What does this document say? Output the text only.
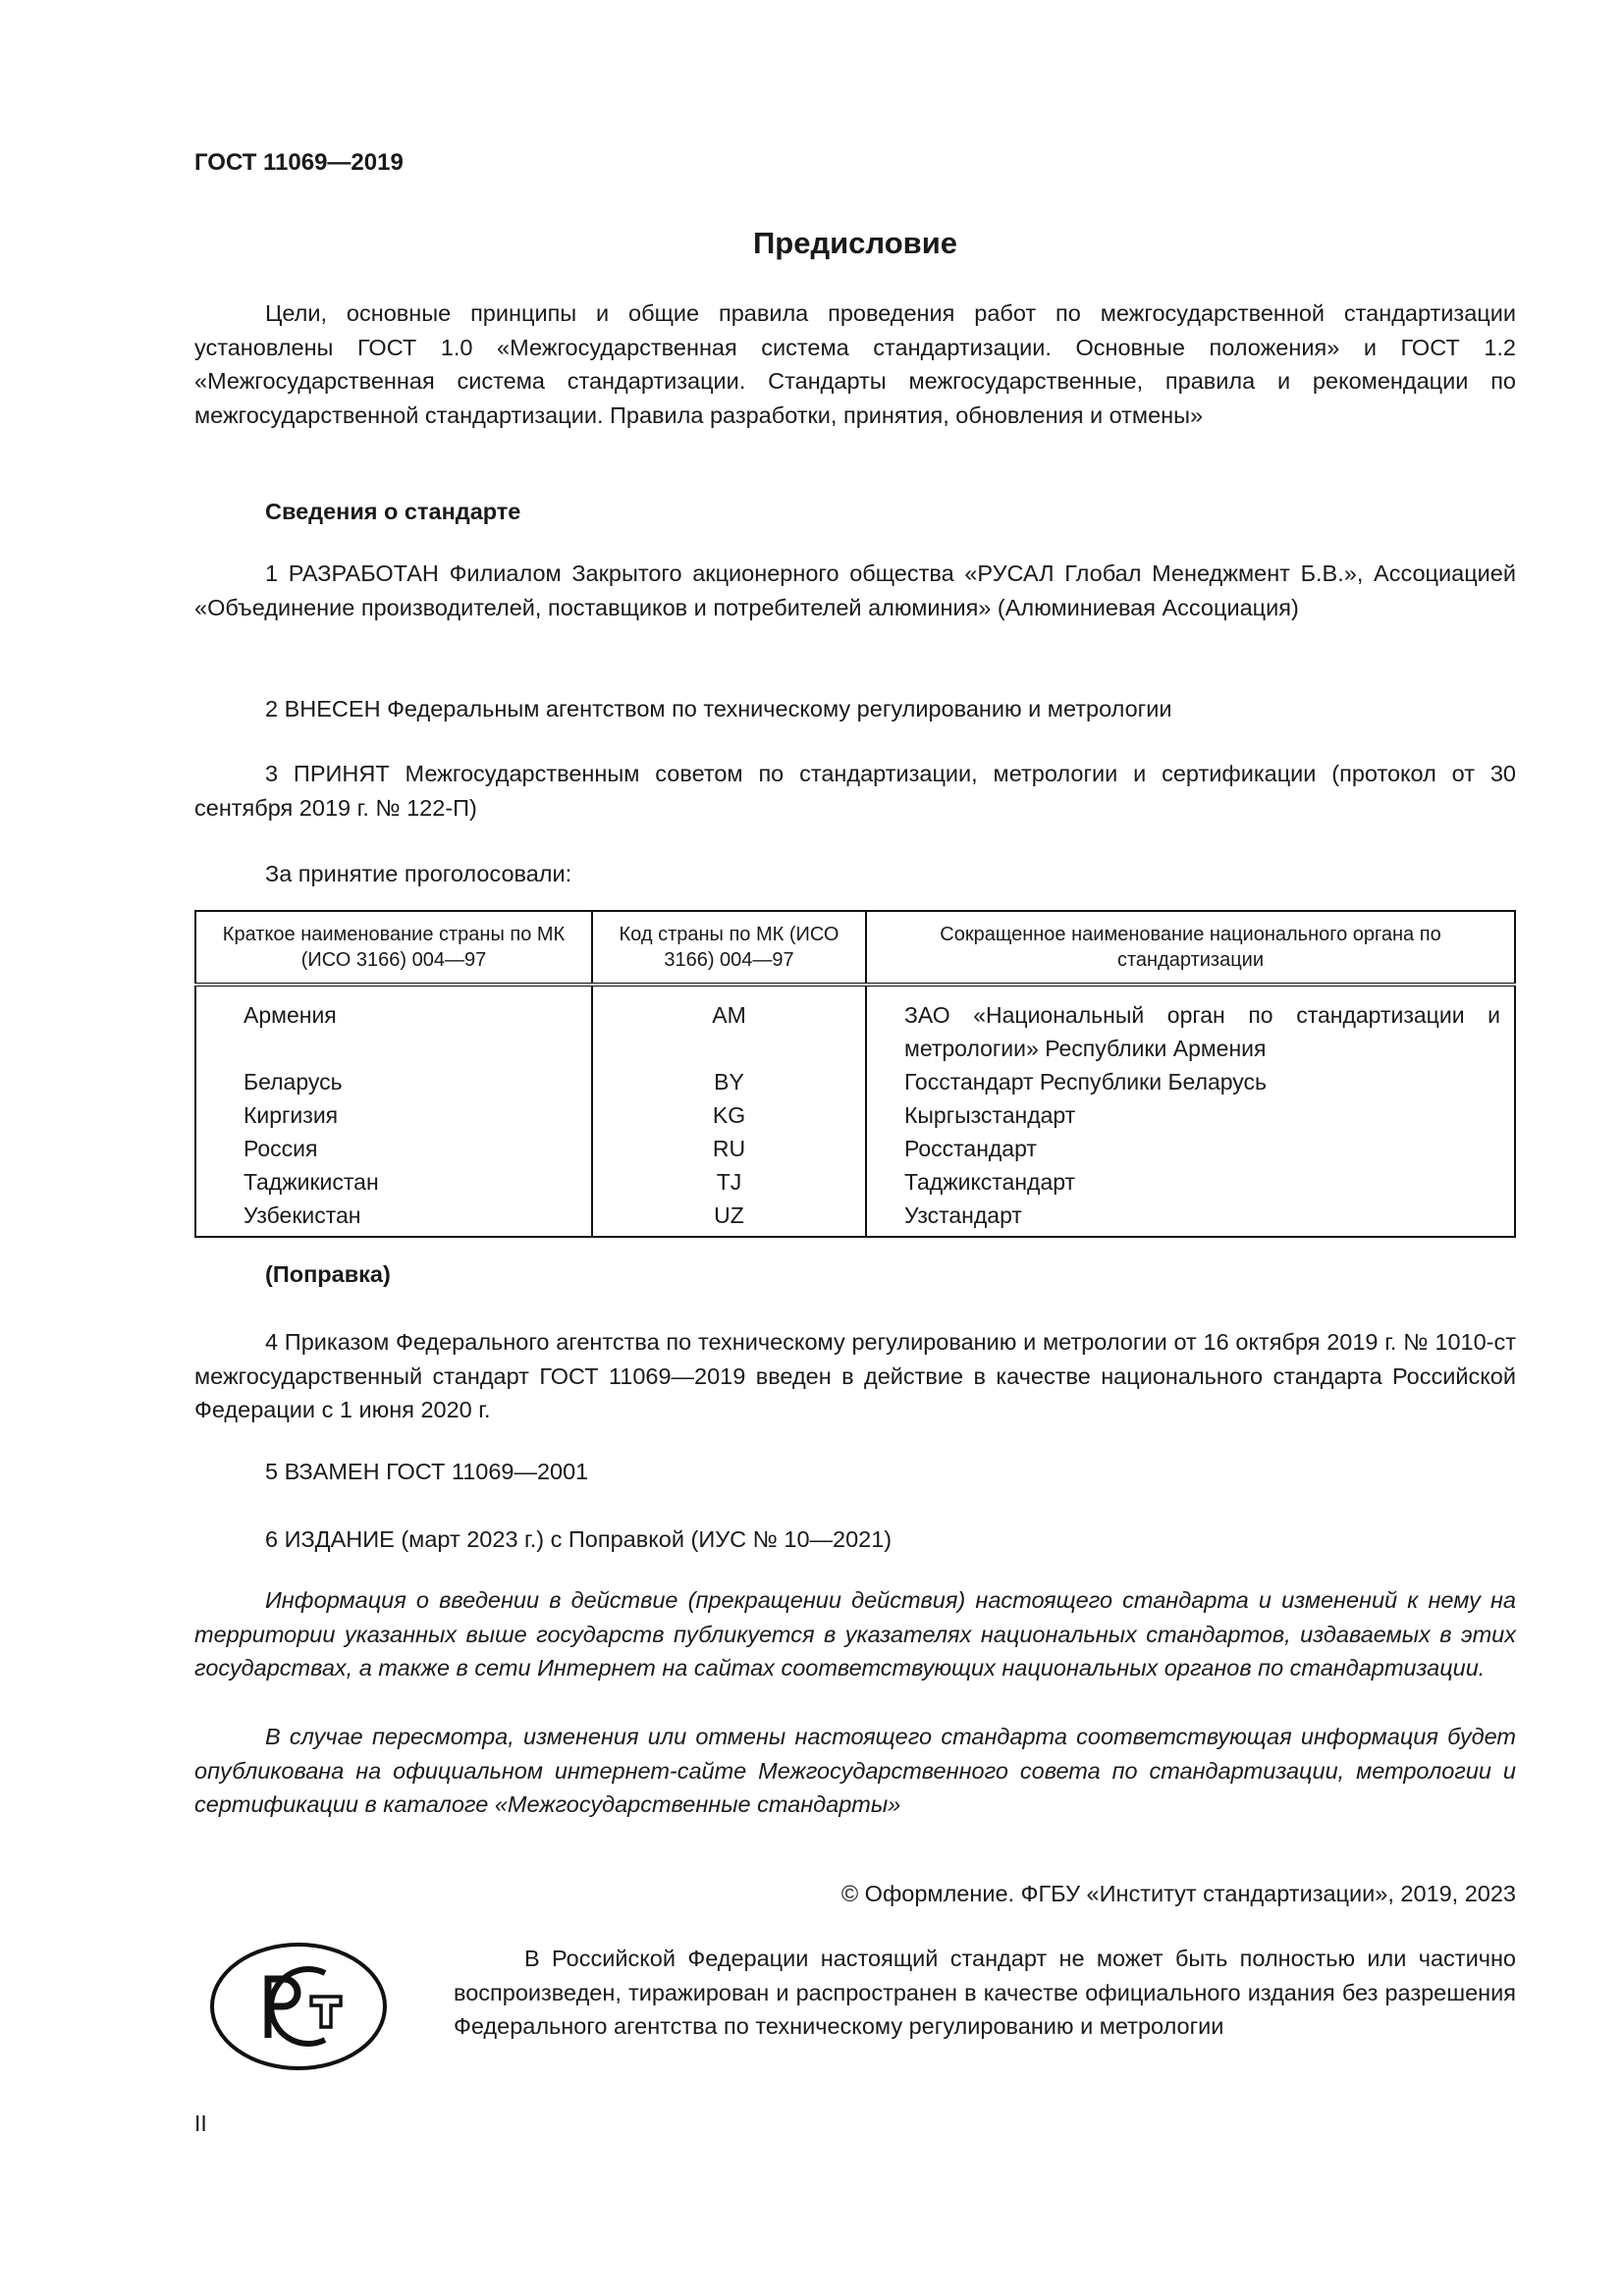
ГОСТ 11069—2019
Предисловие
Цели, основные принципы и общие правила проведения работ по межгосударственной стандартизации установлены ГОСТ 1.0 «Межгосударственная система стандартизации. Основные положения» и ГОСТ 1.2 «Межгосударственная система стандартизации. Стандарты межгосударственные, правила и рекомендации по межгосударственной стандартизации. Правила разработки, принятия, обновления и отмены»
Сведения о стандарте
1 РАЗРАБОТАН Филиалом Закрытого акционерного общества «РУСАЛ Глобал Менеджмент Б.В.», Ассоциацией «Объединение производителей, поставщиков и потребителей алюминия» (Алюминиевая Ассоциация)
2 ВНЕСЕН Федеральным агентством по техническому регулированию и метрологии
3 ПРИНЯТ Межгосударственным советом по стандартизации, метрологии и сертификации (протокол от 30 сентября 2019 г. № 122-П)
За принятие проголосовали:
Краткое наименование страны по МК (ИСО 3166) 004—97	Код страны по МК (ИСО 3166) 004—97	Сокращенное наименование национального органа по стандартизации
Армения	AM	ЗАО «Национальный орган по стандартизации и метрологии» Республики Армения
Беларусь	BY	Госстандарт Республики Беларусь
Киргизия	KG	Кыргызстандарт
Россия	RU	Росстандарт
Таджикистан	TJ	Таджикстандарт
Узбекистан	UZ	Узстандарт
(Поправка)
4 Приказом Федерального агентства по техническому регулированию и метрологии от 16 октября 2019 г. № 1010-ст межгосударственный стандарт ГОСТ 11069—2019 введен в действие в качестве национального стандарта Российской Федерации с 1 июня 2020 г.
5 ВЗАМЕН ГОСТ 11069—2001
6 ИЗДАНИЕ (март 2023 г.) с Поправкой (ИУС № 10—2021)
Информация о введении в действие (прекращении действия) настоящего стандарта и изменений к нему на территории указанных выше государств публикуется в указателях национальных стандартов, издаваемых в этих государствах, а также в сети Интернет на сайтах соответствующих национальных органов по стандартизации.
В случае пересмотра, изменения или отмены настоящего стандарта соответствующая информация будет опубликована на официальном интернет-сайте Межгосударственного совета по стандартизации, метрологии и сертификации в каталоге «Межгосударственные стандарты»
© Оформление. ФГБУ «Институт стандартизации», 2019, 2023
В Российской Федерации настоящий стандарт не может быть полностью или частично воспроизведен, тиражирован и распространен в качестве официального издания без разрешения Федерального агентства по техническому регулированию и метрологии
II
